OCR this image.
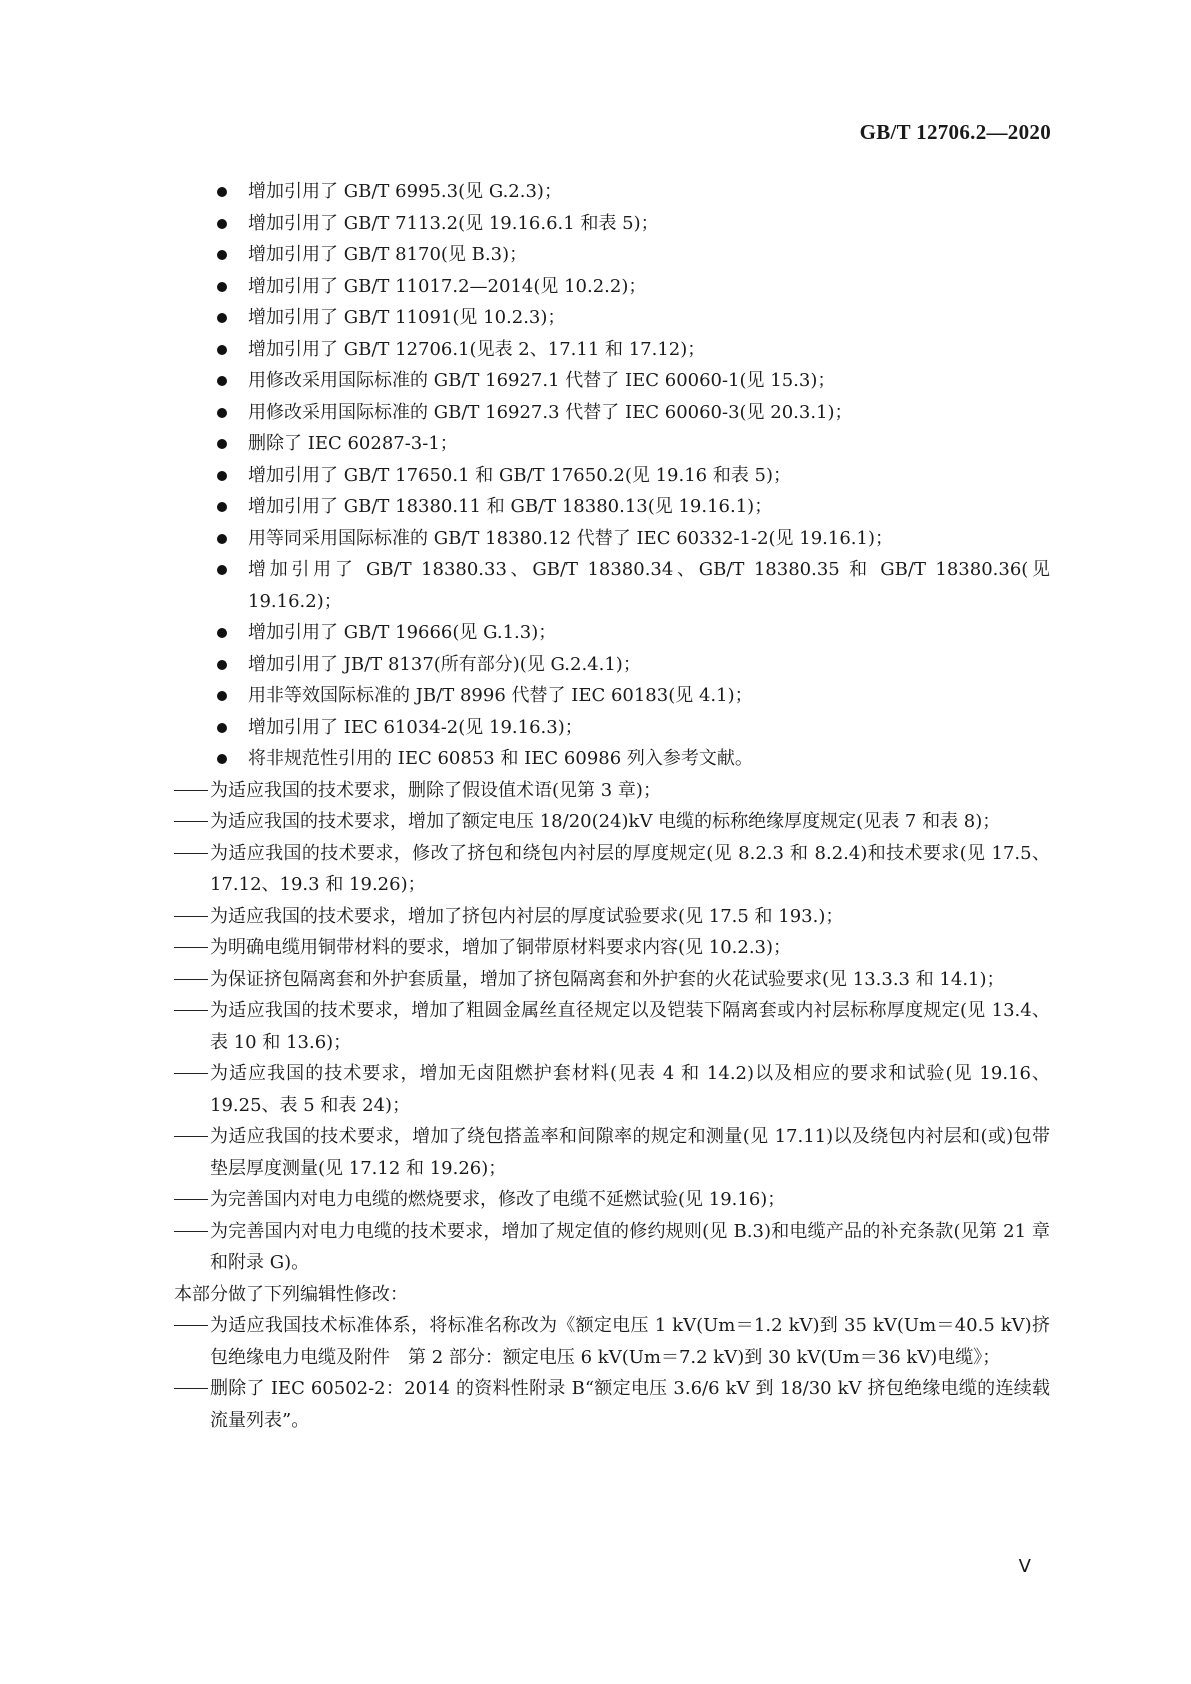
GB/T 12706.2—2020
增加引用了 GB/T 6995.3(见 G.2.3)；
增加引用了 GB/T 7113.2(见 19.16.6.1 和表 5)；
增加引用了 GB/T 8170(见 B.3)；
增加引用了 GB/T 11017.2—2014(见 10.2.2)；
增加引用了 GB/T 11091(见 10.2.3)；
增加引用了 GB/T 12706.1(见表 2、17.11 和 17.12)；
用修改采用国际标准的 GB/T 16927.1 代替了 IEC 60060-1(见 15.3)；
用修改采用国际标准的 GB/T 16927.3 代替了 IEC 60060-3(见 20.3.1)；
删除了 IEC 60287-3-1；
增加引用了 GB/T 17650.1 和 GB/T 17650.2(见 19.16 和表 5)；
增加引用了 GB/T 18380.11 和 GB/T 18380.13(见 19.16.1)；
用等同采用国际标准的 GB/T 18380.12 代替了 IEC 60332-1-2(见 19.16.1)；
增加引用了 GB/T 18380.33、GB/T 18380.34、GB/T 18380.35 和 GB/T 18380.36(见 19.16.2)；
增加引用了 GB/T 19666(见 G.1.3)；
增加引用了 JB/T 8137(所有部分)(见 G.2.4.1)；
用非等效国际标准的 JB/T 8996 代替了 IEC 60183(见 4.1)；
增加引用了 IEC 61034-2(见 19.16.3)；
将非规范性引用的 IEC 60853 和 IEC 60986 列入参考文献。
为适应我国的技术要求，删除了假设值术语(见第 3 章)；
为适应我国的技术要求，增加了额定电压 18/20(24)kV 电缆的标称绝缘厚度规定(见表 7 和表 8)；
为适应我国的技术要求，修改了挤包和绕包内衬层的厚度规定(见 8.2.3 和 8.2.4)和技术要求(见 17.5、17.12、19.3 和 19.26)；
为适应我国的技术要求，增加了挤包内衬层的厚度试验要求(见 17.5 和 193.)；
为明确电缆用铜带材料的要求，增加了铜带原材料要求内容(见 10.2.3)；
为保证挤包隔离套和外护套质量，增加了挤包隔离套和外护套的火花试验要求(见 13.3.3 和 14.1)；
为适应我国的技术要求，增加了粗圆金属丝直径规定以及铠装下隔离套或内衬层标称厚度规定(见 13.4、表 10 和 13.6)；
为适应我国的技术要求，增加无卤阻燃护套材料(见表 4 和 14.2)以及相应的要求和试验(见 19.16、19.25、表 5 和表 24)；
为适应我国的技术要求，增加了绕包搭盖率和间隙率的规定和测量(见 17.11)以及绕包内衬层和(或)包带垫层厚度测量(见 17.12 和 19.26)；
为完善国内对电力电缆的燃烧要求，修改了电缆不延燃试验(见 19.16)；
为完善国内对电力电缆的技术要求，增加了规定值的修约规则(见 B.3)和电缆产品的补充条款(见第 21 章和附录 G)。

本部分做了下列编辑性修改：

为适应我国技术标准体系，将标准名称改为《额定电压 1 kV(Um＝1.2 kV)到 35 kV(Um＝40.5 kV)挤包绝缘电力电缆及附件　第 2 部分：额定电压 6 kV(Um＝7.2 kV)到 30 kV(Um＝36 kV)电缆》；
删除了 IEC 60502-2：2014 的资料性附录 B“额定电压 3.6/6 kV 到 18/30 kV 挤包绝缘电缆的连续载流量列表”。
Ⅴ
